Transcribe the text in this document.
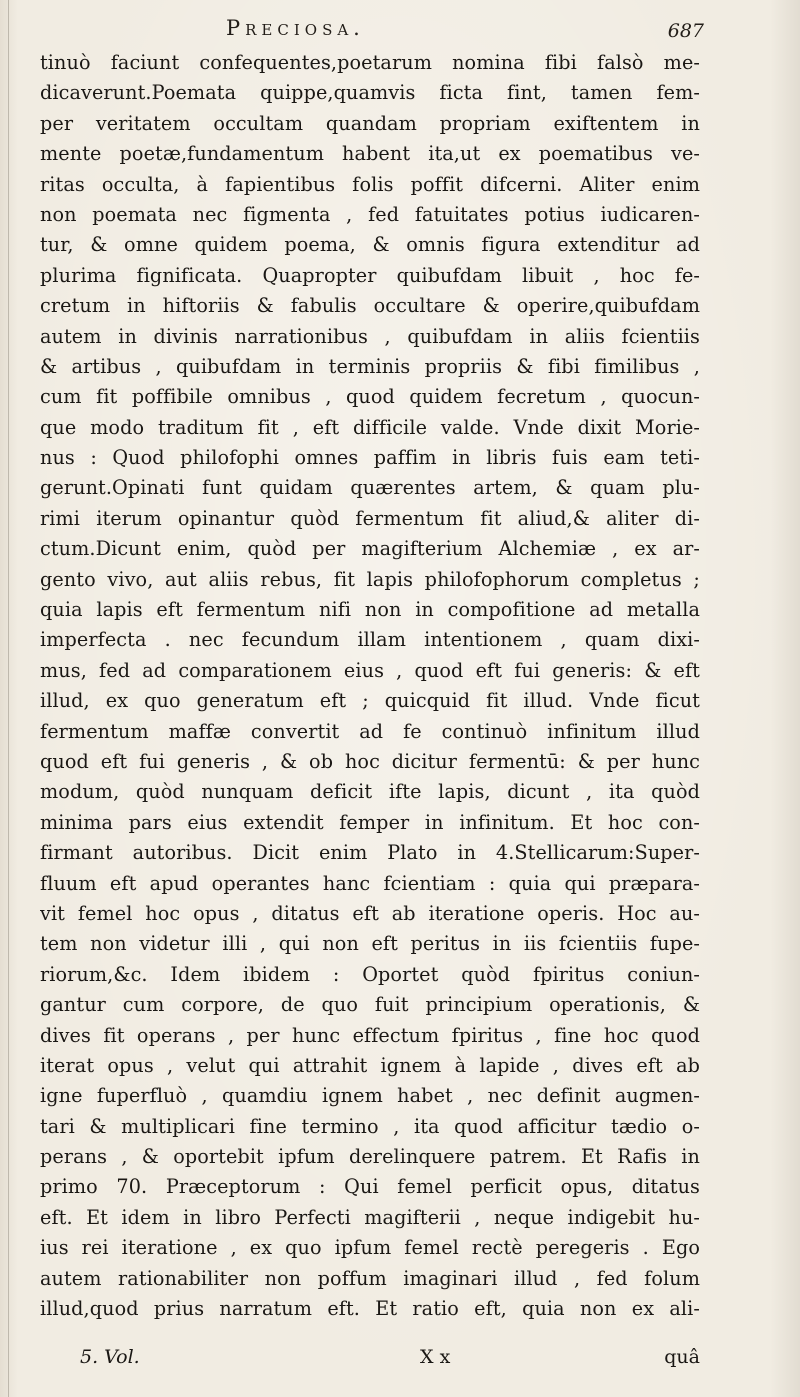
Preciosa.	687
tinuò faciunt confequentes,poetarum nomina fibi falsò me-
dicaverunt.Poemata quippe,quamvis ficta fint, tamen fem-
per veritatem occultam quandam propriam exiftentem in
mente poetæ,fundamentum habent ita,ut ex poematibus ve-
ritas occulta, à fapientibus folis poffit difcerni. Aliter enim
non poemata nec figmenta , fed fatuitates potius iudicaren-
tur, & omne quidem poema, & omnis figura extenditur ad
plurima fignificata. Quapropter quibufdam libuit , hoc fe-
cretum in hiftoriis & fabulis occultare & operire,quibufdam
autem in divinis narrationibus , quibufdam in aliis fcientiis
& artibus , quibufdam in terminis propriis & fibi fimilibus ,
cum fit poffibile omnibus , quod quidem fecretum , quocun-
que modo traditum fit , eft difficile valde. Vnde dixit Morie-
nus : Quod philofophi omnes paffim in libris fuis eam teti-
gerunt.Opinati funt quidam quærentes artem, & quam plu-
rimi iterum opinantur quòd fermentum fit aliud,& aliter di-
ctum.Dicunt enim, quòd per magifterium Alchemiæ , ex ar-
gento vivo, aut aliis rebus, fit lapis philofophorum completus ;
quia lapis eft fermentum nifi non in compofitione ad metalla
imperfecta . nec fecundum illam intentionem , quam dixi-
mus, fed ad comparationem eius , quod eft fui generis: & eft
illud, ex quo generatum eft ; quicquid fit illud. Vnde ficut
fermentum maffæ convertit ad fe continuò infinitum illud
quod eft fui generis , & ob hoc dicitur fermentū: & per hunc
modum, quòd nunquam deficit ifte lapis, dicunt , ita quòd
minima pars eius extendit femper in infinitum. Et hoc con-
firmant autoribus. Dicit enim Plato in 4.Stellicarum:Super-
fluum eft apud operantes hanc fcientiam : quia qui præpara-
vit femel hoc opus , ditatus eft ab iteratione operis. Hoc au-
tem non videtur illi , qui non eft peritus in iis fcientiis fupe-
riorum,&c. Idem ibidem : Oportet quòd fpiritus coniun-
gantur cum corpore, de quo fuit principium operationis, &
dives fit operans , per hunc effectum fpiritus , fine hoc quod
iterat opus , velut qui attrahit ignem à lapide , dives eft ab
igne fuperfluò , quamdiu ignem habet , nec definit augmen-
tari & multiplicari fine termino , ita quod afficitur tædio o-
perans , & oportebit ipfum derelinquere patrem. Et Rafis in
primo 70. Præceptorum : Qui femel perficit opus, ditatus
eft. Et idem in libro Perfecti magifterii , neque indigebit hu-
ius rei iteratione , ex quo ipfum femel rectè peregeris . Ego
autem rationabiliter non poffum imaginari illud , fed folum
illud,quod prius narratum eft. Et ratio eft, quia non ex ali-
5. Vol.	X x	quâ
